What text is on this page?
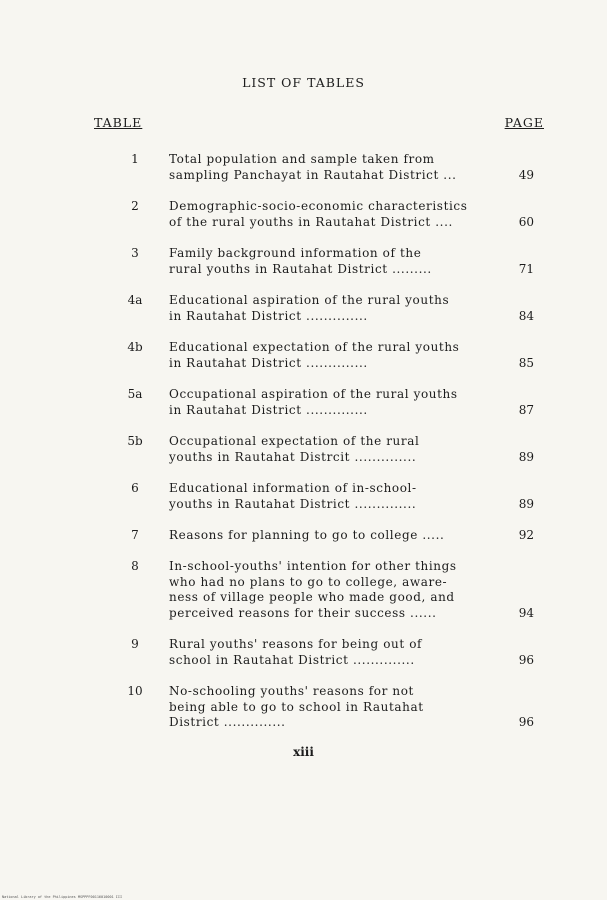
LIST OF TABLES
TABLE	PAGE
1	Total population and sample taken from
sampling Panchayat in Rautahat District ...	49
2	Demographic-socio-economic characteristics
of the rural youths in Rautahat District ....	60
3	Family background information of the
rural youths in Rautahat District .........	71
4a	Educational aspiration of the rural youths
in Rautahat District ..............	84
4b	Educational expectation of the rural youths
in Rautahat District ..............	85
5a	Occupational aspiration of the rural youths
in Rautahat District ..............	87
5b	Occupational expectation of the rural
youths in Rautahat Distrcit ..............	89
6	Educational information of in-school-
youths in Rautahat District ..............	89
7	Reasons for planning to go to college .....	92
8	In-school-youths' intention for other things
who had no plans to go to college, aware-
ness of village people who made good, and
perceived reasons for their success ......	94
9	Rural youths' reasons for being out of
school in Rautahat District ..............	96
10	No-schooling youths' reasons for not
being able to go to school in Rautahat
District ..............	96
xiii
National Library of the Philippines MSPPPF00116010001 III
